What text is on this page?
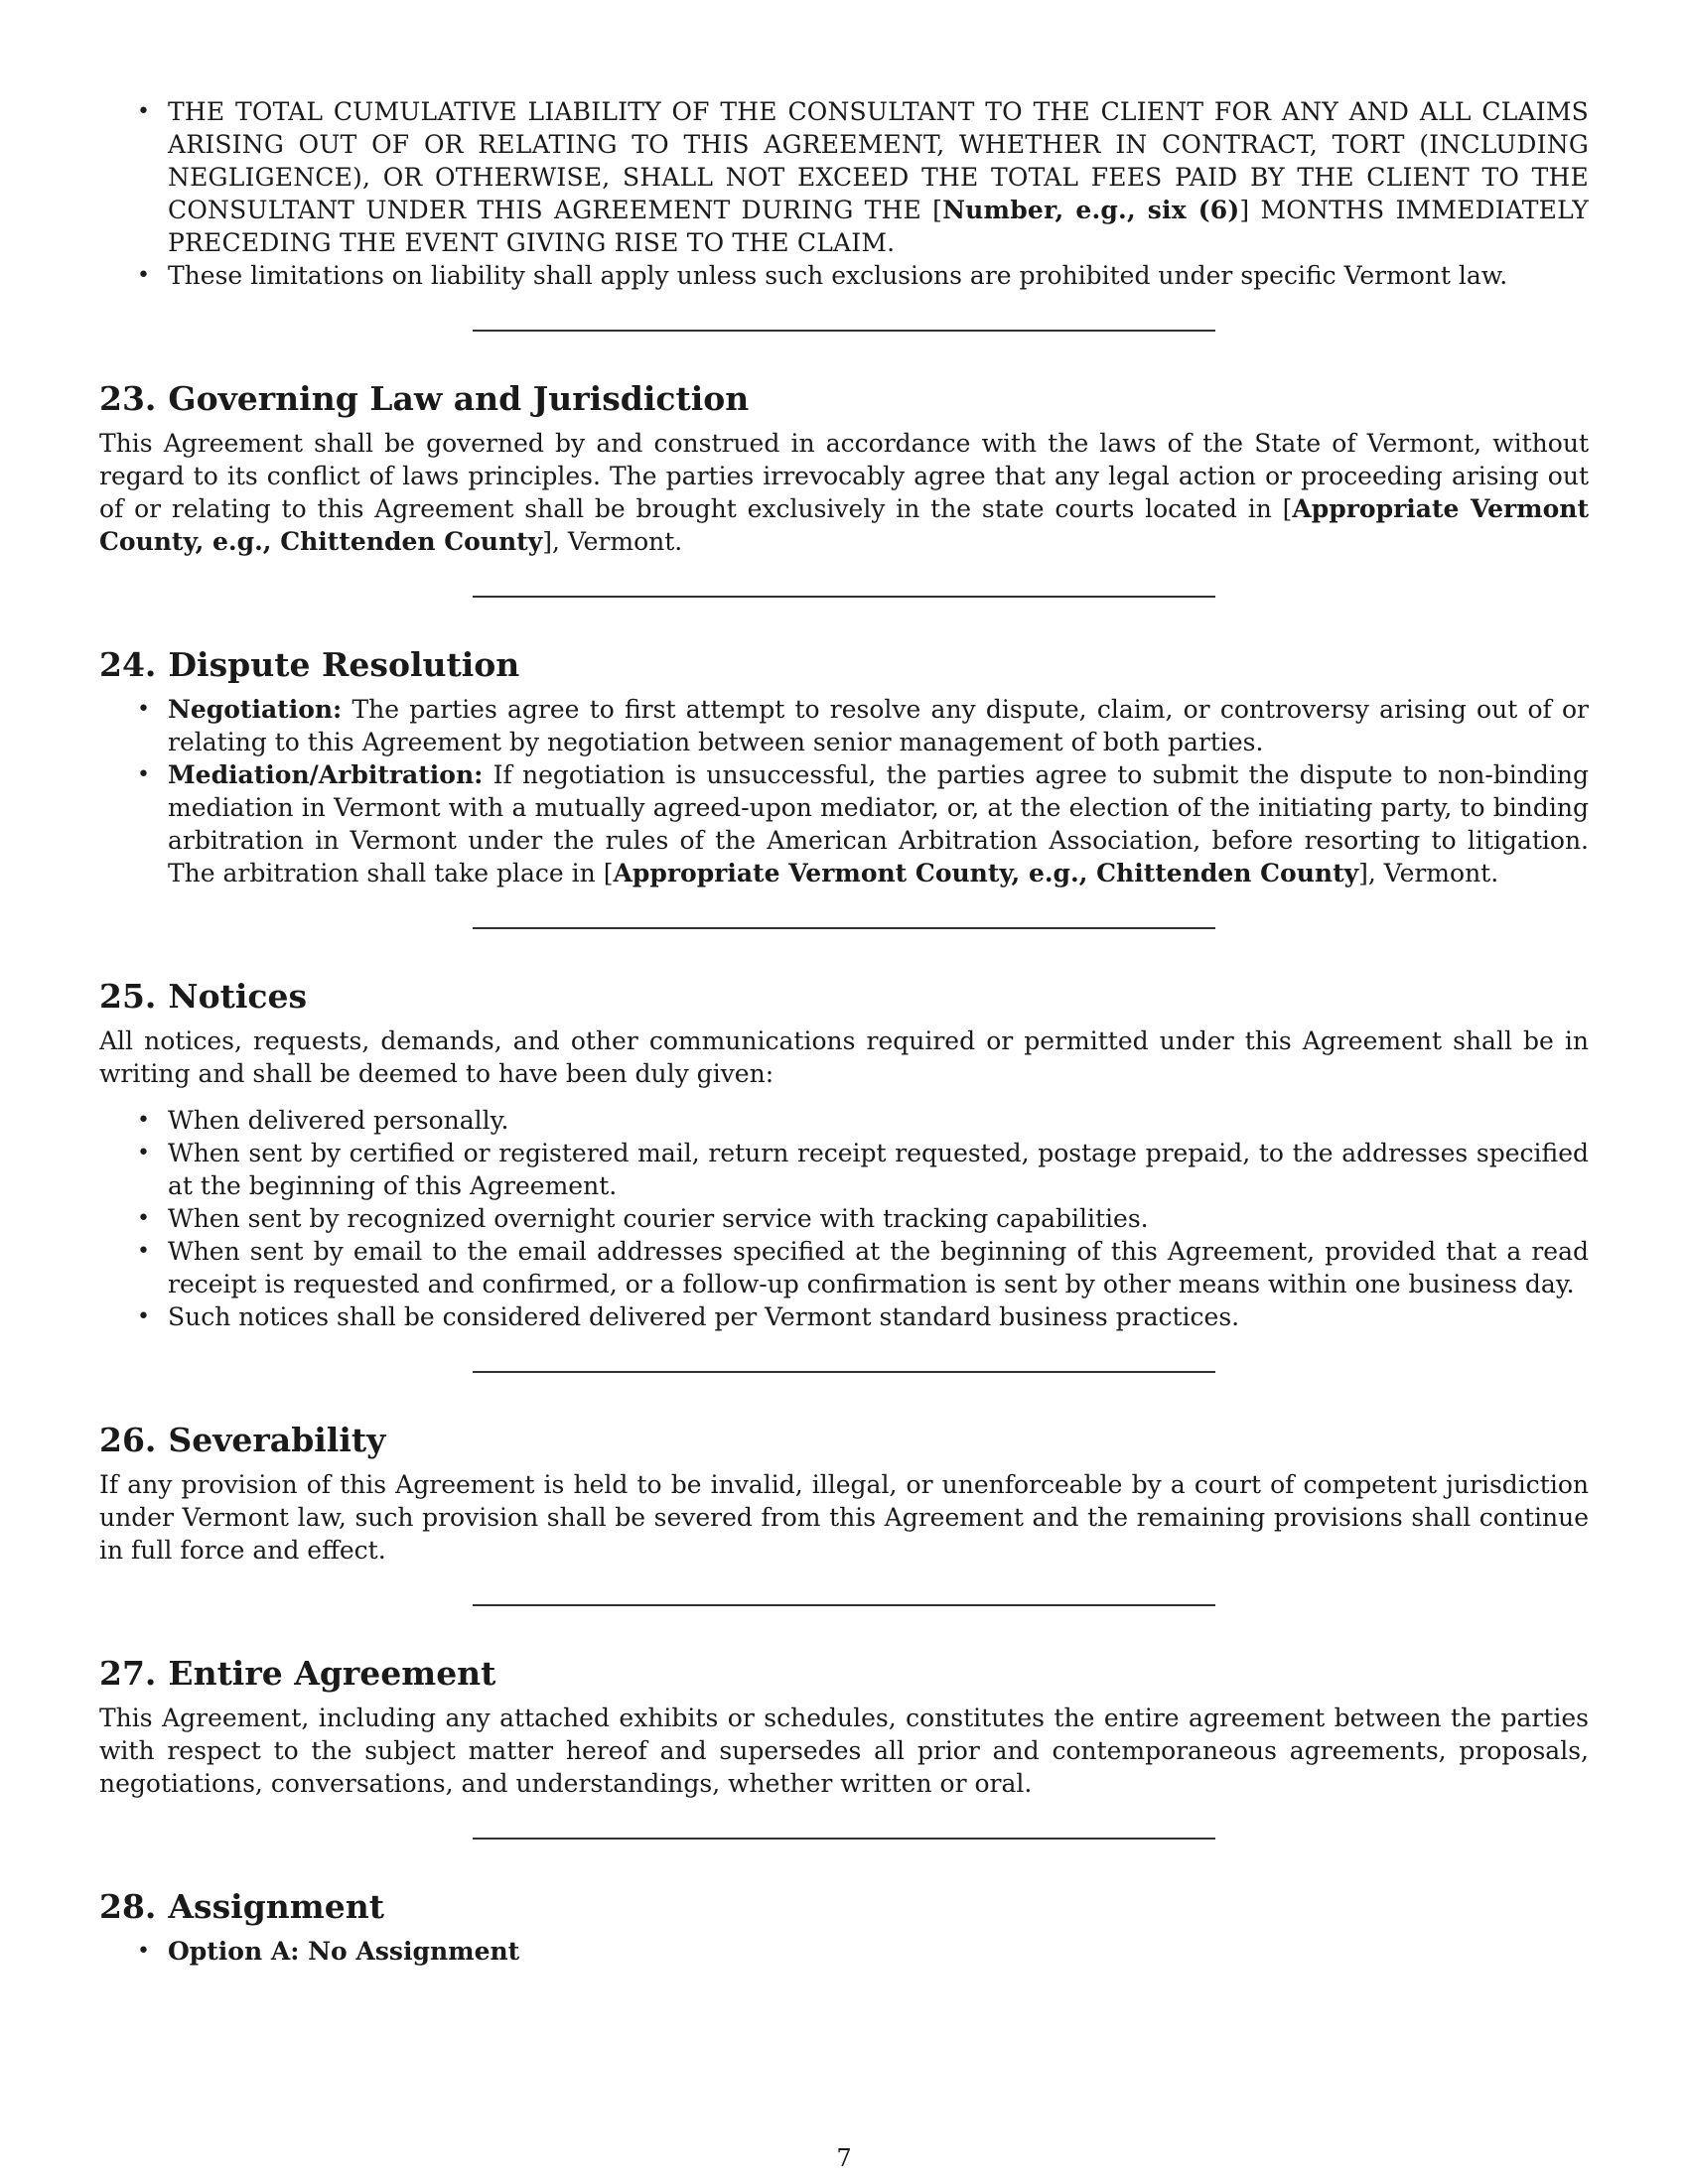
• THE TOTAL CUMULATIVE LIABILITY OF THE CONSULTANT TO THE CLIENT FOR ANY AND ALL CLAIMS ARISING OUT OF OR RELATING TO THIS AGREEMENT, WHETHER IN CONTRACT, TORT (INCLUDING NEGLIGENCE), OR OTHERWISE, SHALL NOT EXCEED THE TOTAL FEES PAID BY THE CLIENT TO THE CONSULTANT UNDER THIS AGREEMENT DURING THE [Number, e.g., six (6)] MONTHS IMMEDIATELY PRECEDING THE EVENT GIVING RISE TO THE CLAIM.
• These limitations on liability shall apply unless such exclusions are prohibited under specific Vermont law.
23. Governing Law and Jurisdiction

This Agreement shall be governed by and construed in accordance with the laws of the State of Vermont, without regard to its conflict of laws principles. The parties irrevocably agree that any legal action or proceeding arising out of or relating to this Agreement shall be brought exclusively in the state courts located in [Appropriate Vermont County, e.g., Chittenden County], Vermont.

24. Dispute Resolution
• Negotiation: The parties agree to first attempt to resolve any dispute, claim, or controversy arising out of or relating to this Agreement by negotiation between senior management of both parties.
• Mediation/Arbitration: If negotiation is unsuccessful, the parties agree to submit the dispute to non-binding mediation in Vermont with a mutually agreed-upon mediator, or, at the election of the initiating party, to binding arbitration in Vermont under the rules of the American Arbitration Association, before resorting to litigation. The arbitration shall take place in [Appropriate Vermont County, e.g., Chittenden County], Vermont.
25. Notices

All notices, requests, demands, and other communications required or permitted under this Agreement shall be in writing and shall be deemed to have been duly given:

• When delivered personally.
• When sent by certified or registered mail, return receipt requested, postage prepaid, to the addresses specified at the beginning of this Agreement.
• When sent by recognized overnight courier service with tracking capabilities.
• When sent by email to the email addresses specified at the beginning of this Agreement, provided that a read receipt is requested and confirmed, or a follow-up confirmation is sent by other means within one business day.
• Such notices shall be considered delivered per Vermont standard business practices.
26. Severability

If any provision of this Agreement is held to be invalid, illegal, or unenforceable by a court of competent jurisdiction under Vermont law, such provision shall be severed from this Agreement and the remaining provisions shall continue in full force and effect.

27. Entire Agreement

This Agreement, including any attached exhibits or schedules, constitutes the entire agreement between the parties with respect to the subject matter hereof and supersedes all prior and contemporaneous agreements, proposals, negotiations, conversations, and understandings, whether written or oral.

28. Assignment
• Option A: No Assignment
7
